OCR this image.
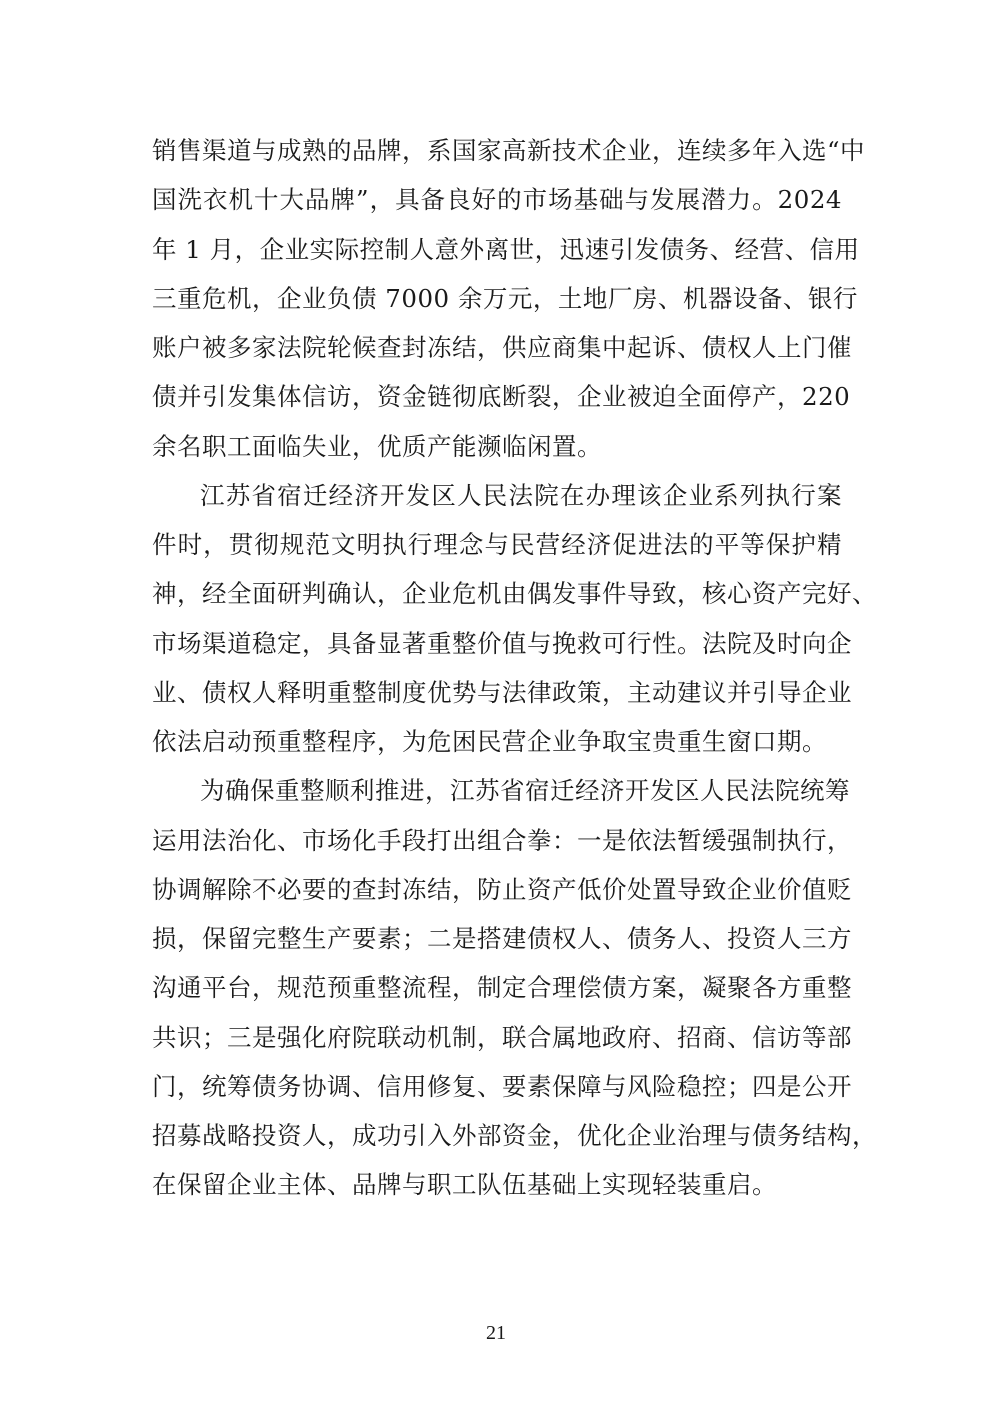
销售渠道与成熟的品牌，系国家高新技术企业，连续多年入选“中
国洗衣机十大品牌”，具备良好的市场基础与发展潜力。2024
年 1 月，企业实际控制人意外离世，迅速引发债务、经营、信用
三重危机，企业负债 7000 余万元，土地厂房、机器设备、银行
账户被多家法院轮候查封冻结，供应商集中起诉、债权人上门催
债并引发集体信访，资金链彻底断裂，企业被迫全面停产，220
余名职工面临失业，优质产能濒临闲置。
江苏省宿迁经济开发区人民法院在办理该企业系列执行案
件时，贯彻规范文明执行理念与民营经济促进法的平等保护精
神，经全面研判确认，企业危机由偶发事件导致，核心资产完好、
市场渠道稳定，具备显著重整价值与挽救可行性。法院及时向企
业、债权人释明重整制度优势与法律政策，主动建议并引导企业
依法启动预重整程序，为危困民营企业争取宝贵重生窗口期。
为确保重整顺利推进，江苏省宿迁经济开发区人民法院统筹
运用法治化、市场化手段打出组合拳：一是依法暂缓强制执行，
协调解除不必要的查封冻结，防止资产低价处置导致企业价值贬
损，保留完整生产要素；二是搭建债权人、债务人、投资人三方
沟通平台，规范预重整流程，制定合理偿债方案，凝聚各方重整
共识；三是强化府院联动机制，联合属地政府、招商、信访等部
门，统筹债务协调、信用修复、要素保障与风险稳控；四是公开
招募战略投资人，成功引入外部资金，优化企业治理与债务结构，
在保留企业主体、品牌与职工队伍基础上实现轻装重启。
21
